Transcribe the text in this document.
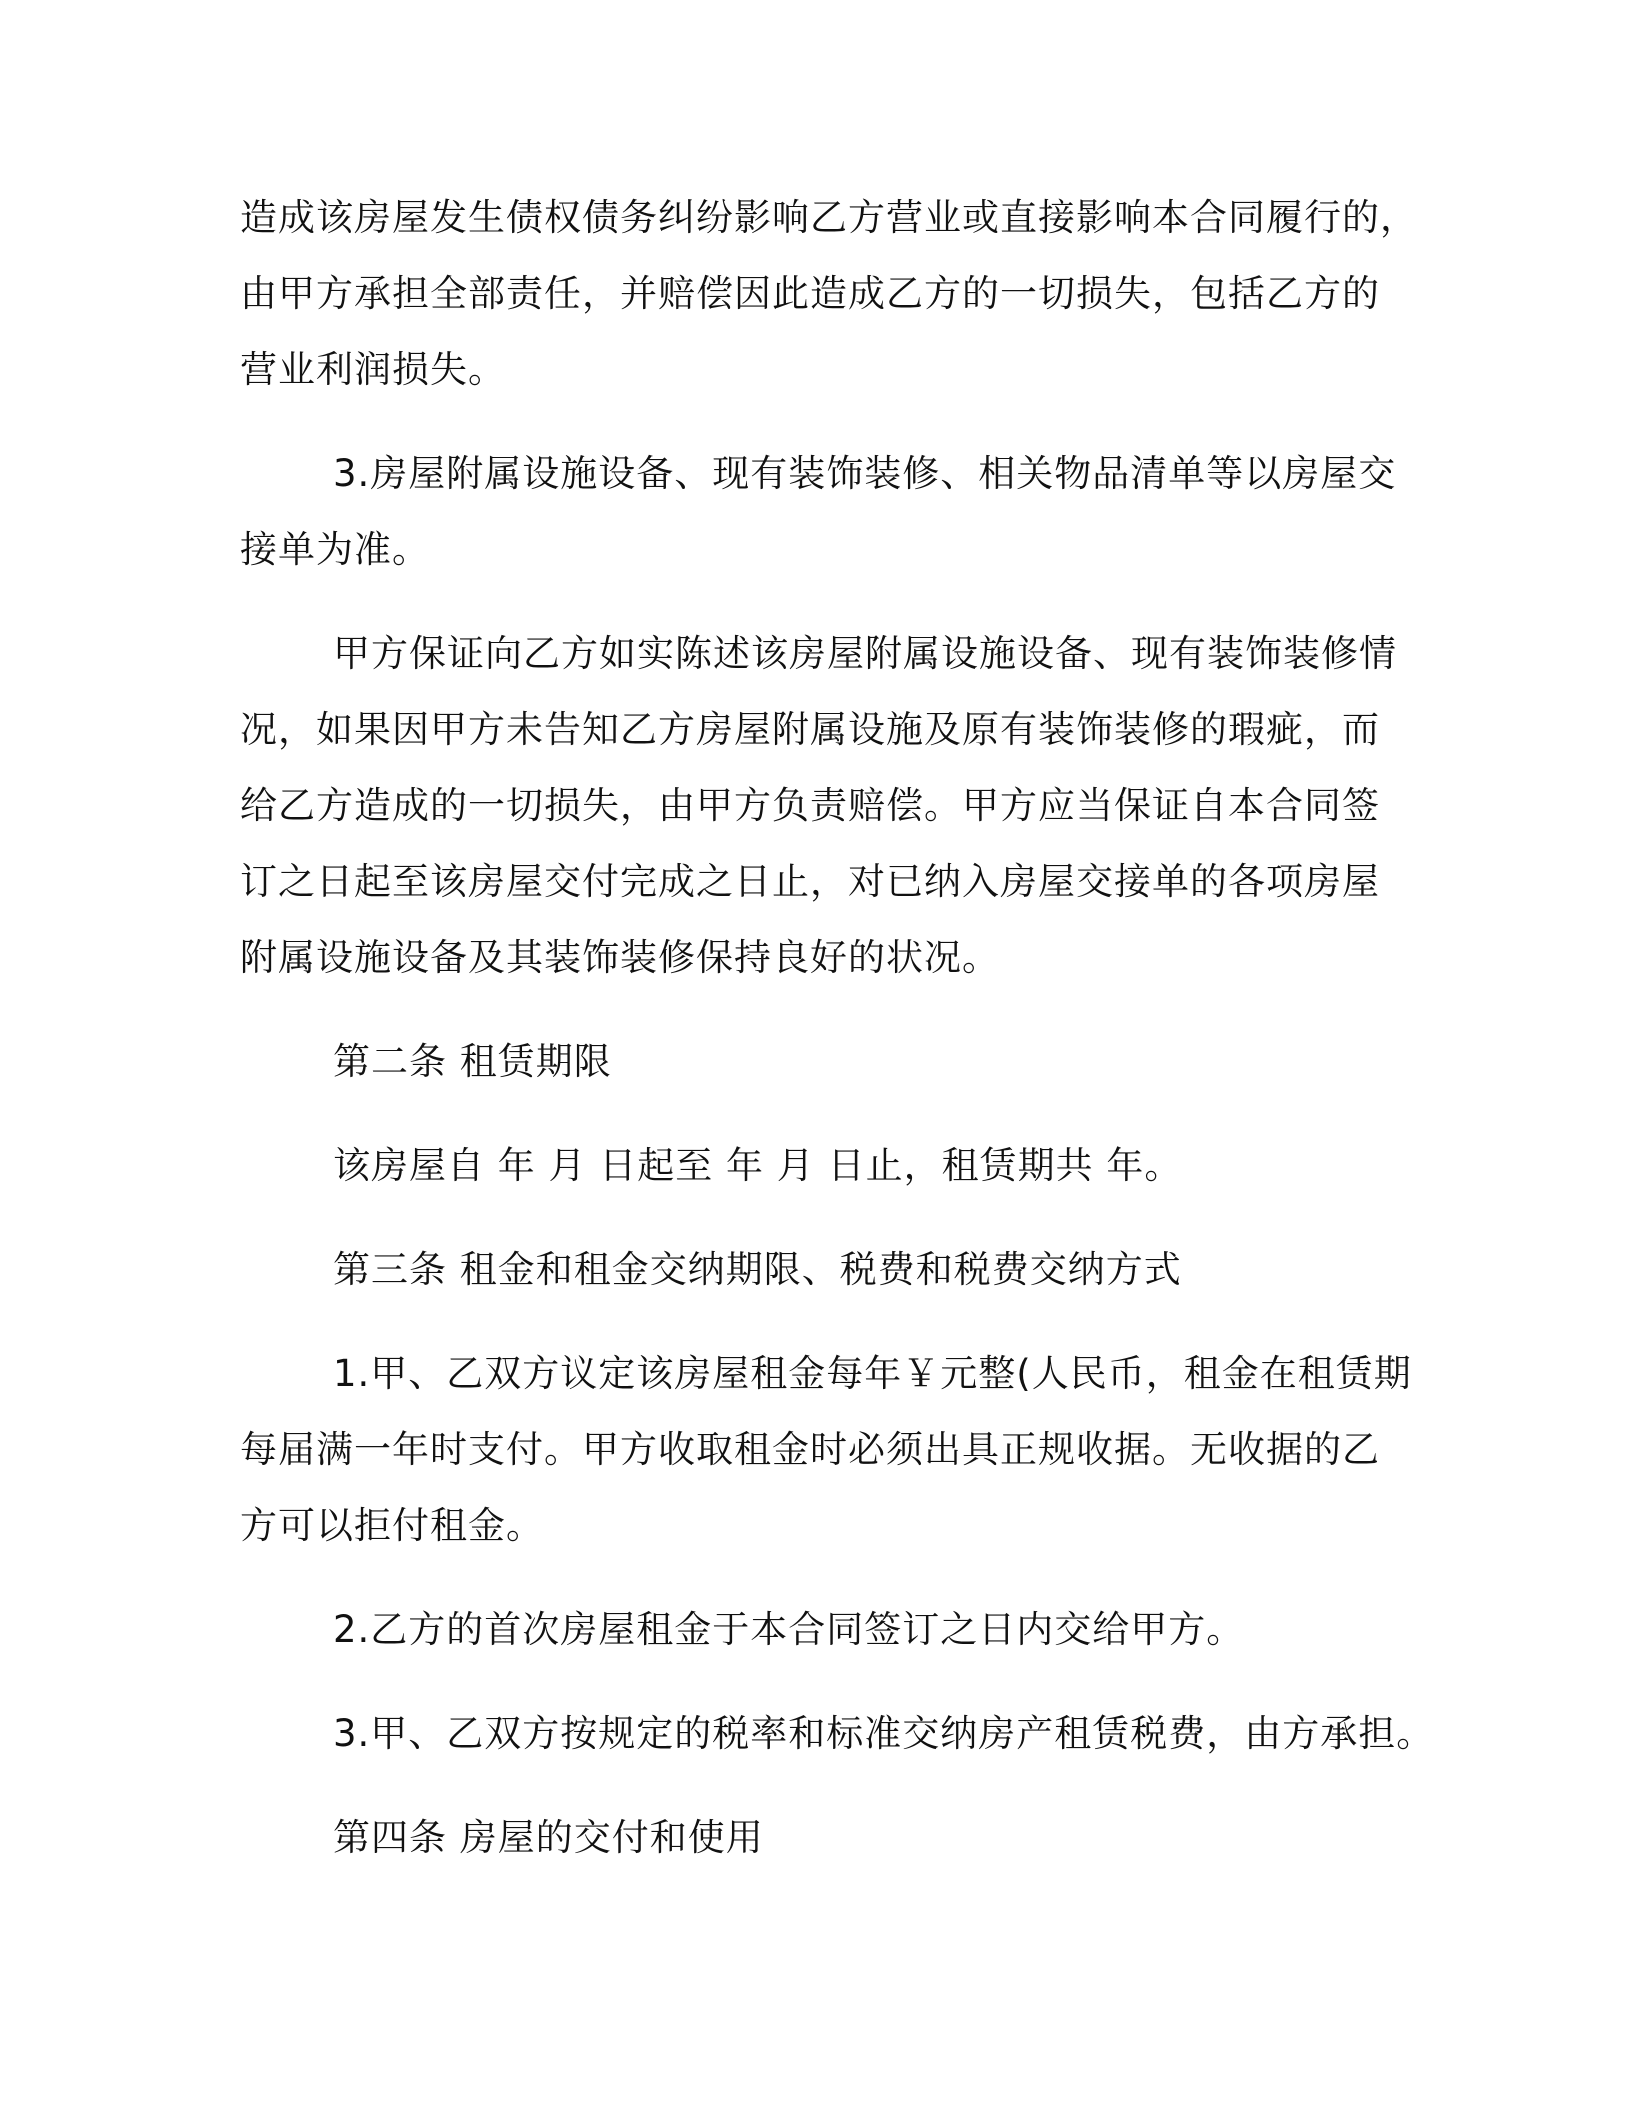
造成该房屋发生债权债务纠纷影响乙方营业或直接影响本合同履行的，
由甲方承担全部责任，并赔偿因此造成乙方的一切损失，包括乙方的
营业利润损失。
3.房屋附属设施设备、现有装饰装修、相关物品清单等以房屋交
接单为准。
甲方保证向乙方如实陈述该房屋附属设施设备、现有装饰装修情
况，如果因甲方未告知乙方房屋附属设施及原有装饰装修的瑕疵，而
给乙方造成的一切损失，由甲方负责赔偿。甲方应当保证自本合同签
订之日起至该房屋交付完成之日止，对已纳入房屋交接单的各项房屋
附属设施设备及其装饰装修保持良好的状况。
第二条 租赁期限
该房屋自 年 月 日起至 年 月 日止，租赁期共 年。
第三条 租金和租金交纳期限、税费和税费交纳方式
1.甲、乙双方议定该房屋租金每年￥元整(人民币，租金在租赁期
每届满一年时支付。甲方收取租金时必须出具正规收据。无收据的乙
方可以拒付租金。
2.乙方的首次房屋租金于本合同签订之日内交给甲方。
3.甲、乙双方按规定的税率和标准交纳房产租赁税费，由方承担。
第四条 房屋的交付和使用
